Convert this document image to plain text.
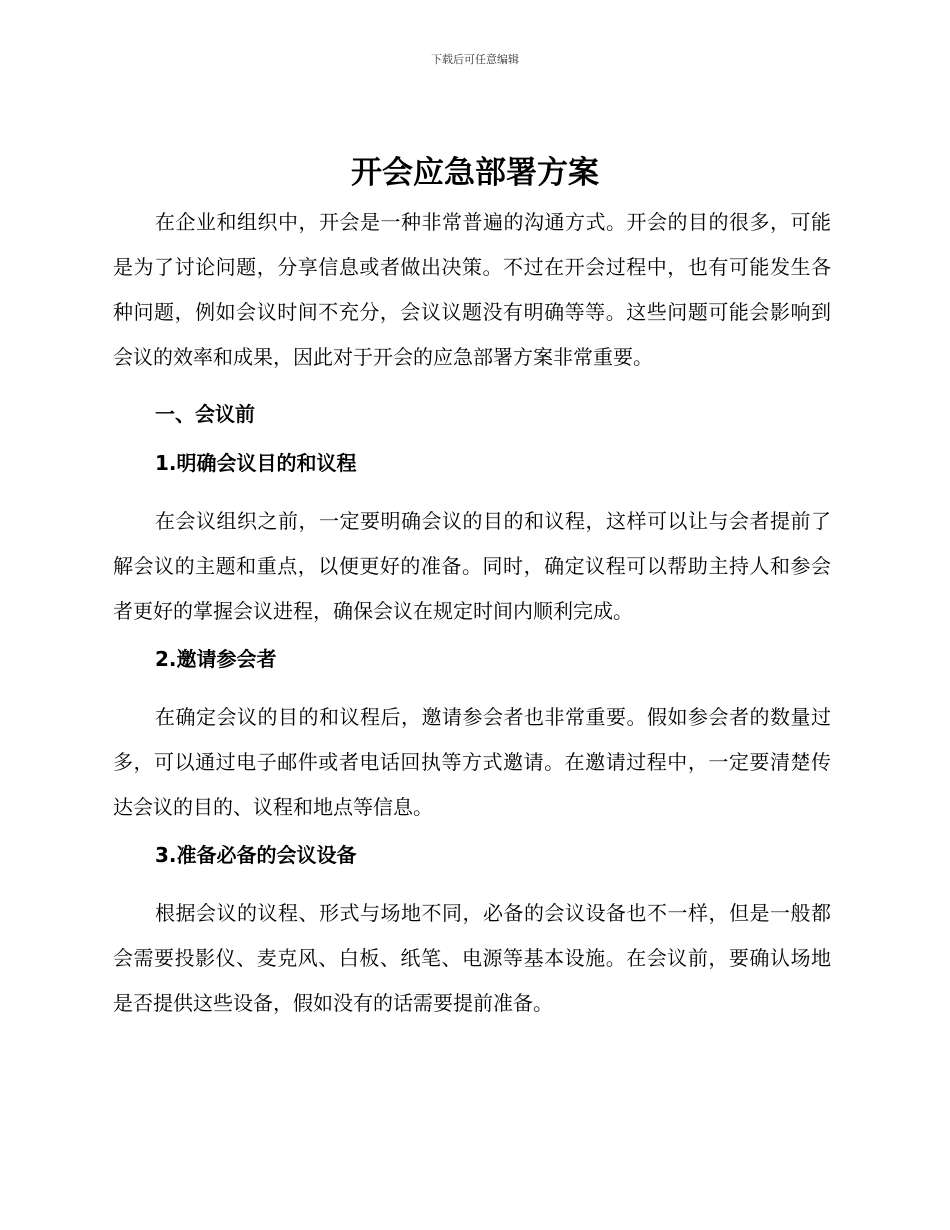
下载后可任意编辑
开会应急部署方案

在企业和组织中，开会是一种非常普遍的沟通方式。开会的目的很多，可能是为了讨论问题，分享信息或者做出决策。不过在开会过程中，也有可能发生各种问题，例如会议时间不充分，会议议题没有明确等等。这些问题可能会影响到会议的效率和成果，因此对于开会的应急部署方案非常重要。

一、会议前
1.明确会议目的和议程

在会议组织之前，一定要明确会议的目的和议程，这样可以让与会者提前了解会议的主题和重点，以便更好的准备。同时，确定议程可以帮助主持人和参会者更好的掌握会议进程，确保会议在规定时间内顺利完成。

2.邀请参会者

在确定会议的目的和议程后，邀请参会者也非常重要。假如参会者的数量过多，可以通过电子邮件或者电话回执等方式邀请。在邀请过程中，一定要清楚传达会议的目的、议程和地点等信息。

3.准备必备的会议设备

根据会议的议程、形式与场地不同，必备的会议设备也不一样，但是一般都会需要投影仪、麦克风、白板、纸笔、电源等基本设施。在会议前，要确认场地是否提供这些设备，假如没有的话需要提前准备。
